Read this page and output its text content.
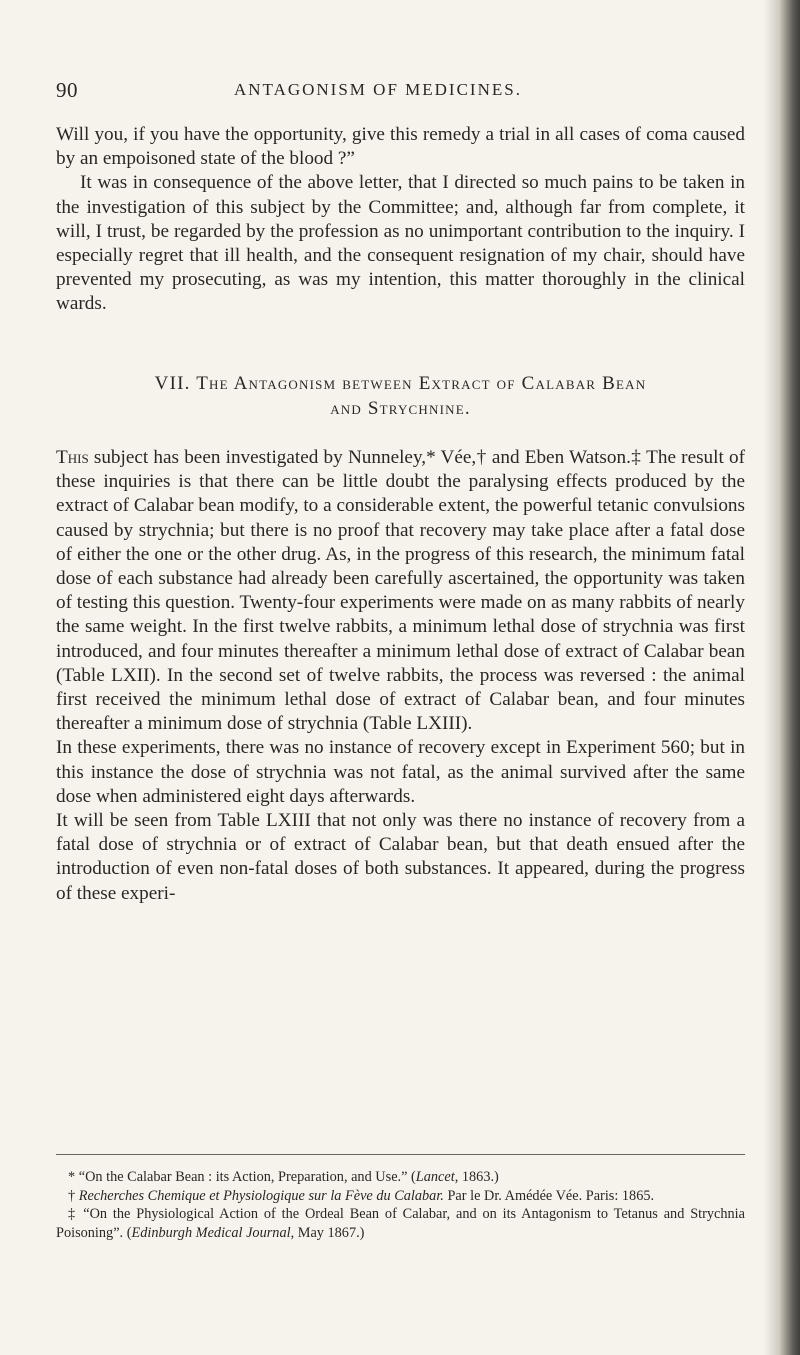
90	ANTAGONISM OF MEDICINES.

Will you, if you have the opportunity, give this remedy a trial in all cases of coma caused by an empoisoned state of the blood ?”

It was in consequence of the above letter, that I directed so much pains to be taken in the investigation of this subject by the Committee; and, although far from complete, it will, I trust, be regarded by the profession as no unimportant contribution to the inquiry. I especially regret that ill health, and the consequent resignation of my chair, should have prevented my prosecuting, as was my intention, this matter thoroughly in the clinical wards.

VII. The Antagonism between Extract of Calabar Bean
and Strychnine.

This subject has been investigated by Nunneley,* Vée,† and Eben Watson.‡ The result of these inquiries is that there can be little doubt the paralysing effects produced by the extract of Calabar bean modify, to a considerable extent, the powerful tetanic convulsions caused by strychnia; but there is no proof that recovery may take place after a fatal dose of either the one or the other drug. As, in the progress of this research, the minimum fatal dose of each substance had already been carefully ascertained, the opportunity was taken of testing this question. Twenty-four experiments were made on as many rabbits of nearly the same weight. In the first twelve rabbits, a minimum lethal dose of strychnia was first introduced, and four minutes thereafter a minimum lethal dose of extract of Calabar bean (Table LXII). In the second set of twelve rabbits, the process was reversed : the animal first received the minimum lethal dose of extract of Calabar bean, and four minutes thereafter a minimum dose of strychnia (Table LXIII).

In these experiments, there was no instance of recovery except in Experiment 560; but in this instance the dose of strychnia was not fatal, as the animal survived after the same dose when administered eight days afterwards.

It will be seen from Table LXIII that not only was there no instance of recovery from a fatal dose of strychnia or of extract of Calabar bean, but that death ensued after the introduction of even non-fatal doses of both substances. It appeared, during the progress of these experi-

* “On the Calabar Bean : its Action, Preparation, and Use.” (Lancet, 1863.)

† Recherches Chemique et Physiologique sur la Fève du Calabar. Par le Dr. Amédée Vée. Paris: 1865.

‡ “On the Physiological Action of the Ordeal Bean of Calabar, and on its Antagonism to Tetanus and Strychnia Poisoning”. (Edinburgh Medical Journal, May 1867.)
